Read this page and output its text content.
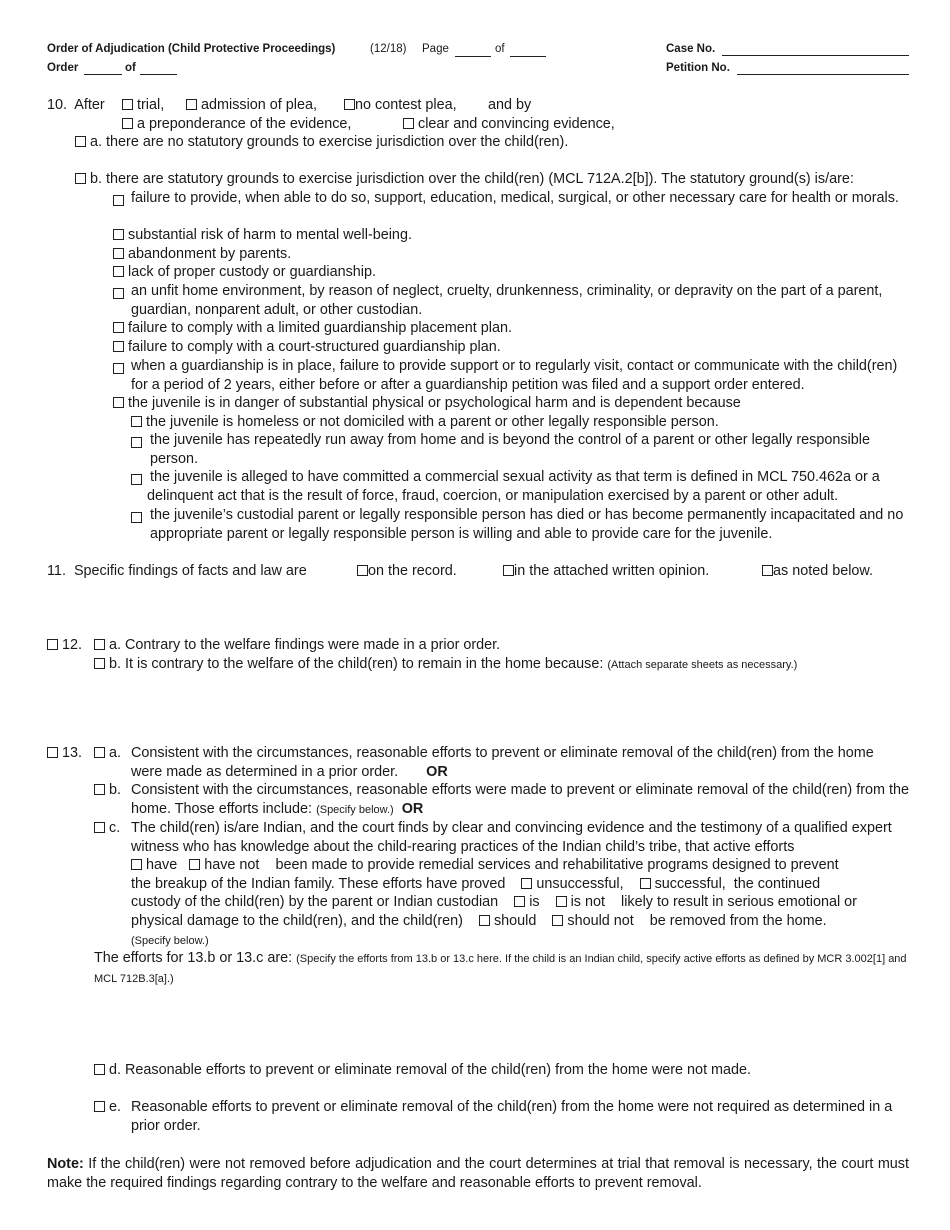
Order of Adjudication (Child Protective Proceedings)	(12/18) Page	of
Order	of
Case No.
Petition No.
10. After	trial,	admission of plea,	no contest plea, and by
a preponderance of the evidence,	clear and convincing evidence,
a. there are no statutory grounds to exercise jurisdiction over the child(ren).
b. there are statutory grounds to exercise jurisdiction over the child(ren) (MCL 712A.2[b]). The statutory ground(s) is/are:
failure to provide, when able to do so, support, education, medical, surgical, or other necessary care for health or morals.
substantial risk of harm to mental well-being.
abandonment by parents.
lack of proper custody or guardianship.
an unfit home environment, by reason of neglect, cruelty, drunkenness, criminality, or depravity on the part of a parent, guardian, nonparent adult, or other custodian.
failure to comply with a limited guardianship placement plan.
failure to comply with a court-structured guardianship plan.
when a guardianship is in place, failure to provide support or to regularly visit, contact or communicate with the child(ren) for a period of 2 years, either before or after a guardianship petition was filed and a support order entered.
the juvenile is in danger of substantial physical or psychological harm and is dependent because
the juvenile is homeless or not domiciled with a parent or other legally responsible person.
the juvenile has repeatedly run away from home and is beyond the control of a parent or other legally responsible person.
the juvenile is alleged to have committed a commercial sexual activity as that term is defined in MCL 750.462a or a delinquent act that is the result of force, fraud, coercion, or manipulation exercised by a parent or other adult.
the juvenile’s custodial parent or legally responsible person has died or has become permanently incapacitated and no appropriate parent or legally responsible person is willing and able to provide care for the juvenile.
11. Specific findings of facts and law are	on the record.	in the attached written opinion.	as noted below.
12.	a. Contrary to the welfare findings were made in a prior order.
b. It is contrary to the welfare of the child(ren) to remain in the home because: (Attach separate sheets as necessary.)
13.	a. Consistent with the circumstances, reasonable efforts to prevent or eliminate removal of the child(ren) from the home were made as determined in a prior order. OR
b. Consistent with the circumstances, reasonable efforts were made to prevent or eliminate removal of the child(ren) from the home. Those efforts include: (Specify below.) OR
c. The child(ren) is/are Indian, and the court finds by clear and convincing evidence and the testimony of a qualified expert witness who has knowledge about the child-rearing practices of the Indian child’s tribe, that active efforts
have have not been made to provide remedial services and rehabilitative programs designed to prevent
the breakup of the Indian family. These efforts have proved unsuccessful, successful, the continued
custody of the child(ren) by the parent or Indian custodian is is not likely to result in serious emotional or
physical damage to the child(ren), and the child(ren) should should not be removed from the home.
(Specify below.)
The efforts for 13.b or 13.c are: (Specify the efforts from 13.b or 13.c here. If the child is an Indian child, specify active efforts as defined by MCR 3.002[1] and MCL 712B.3[a].)
d. Reasonable efforts to prevent or eliminate removal of the child(ren) from the home were not made.
e. Reasonable efforts to prevent or eliminate removal of the child(ren) from the home were not required as determined in a prior order.
Note: If the child(ren) were not removed before adjudication and the court determines at trial that removal is necessary, the court must make the required findings regarding contrary to the welfare and reasonable efforts to prevent removal.
